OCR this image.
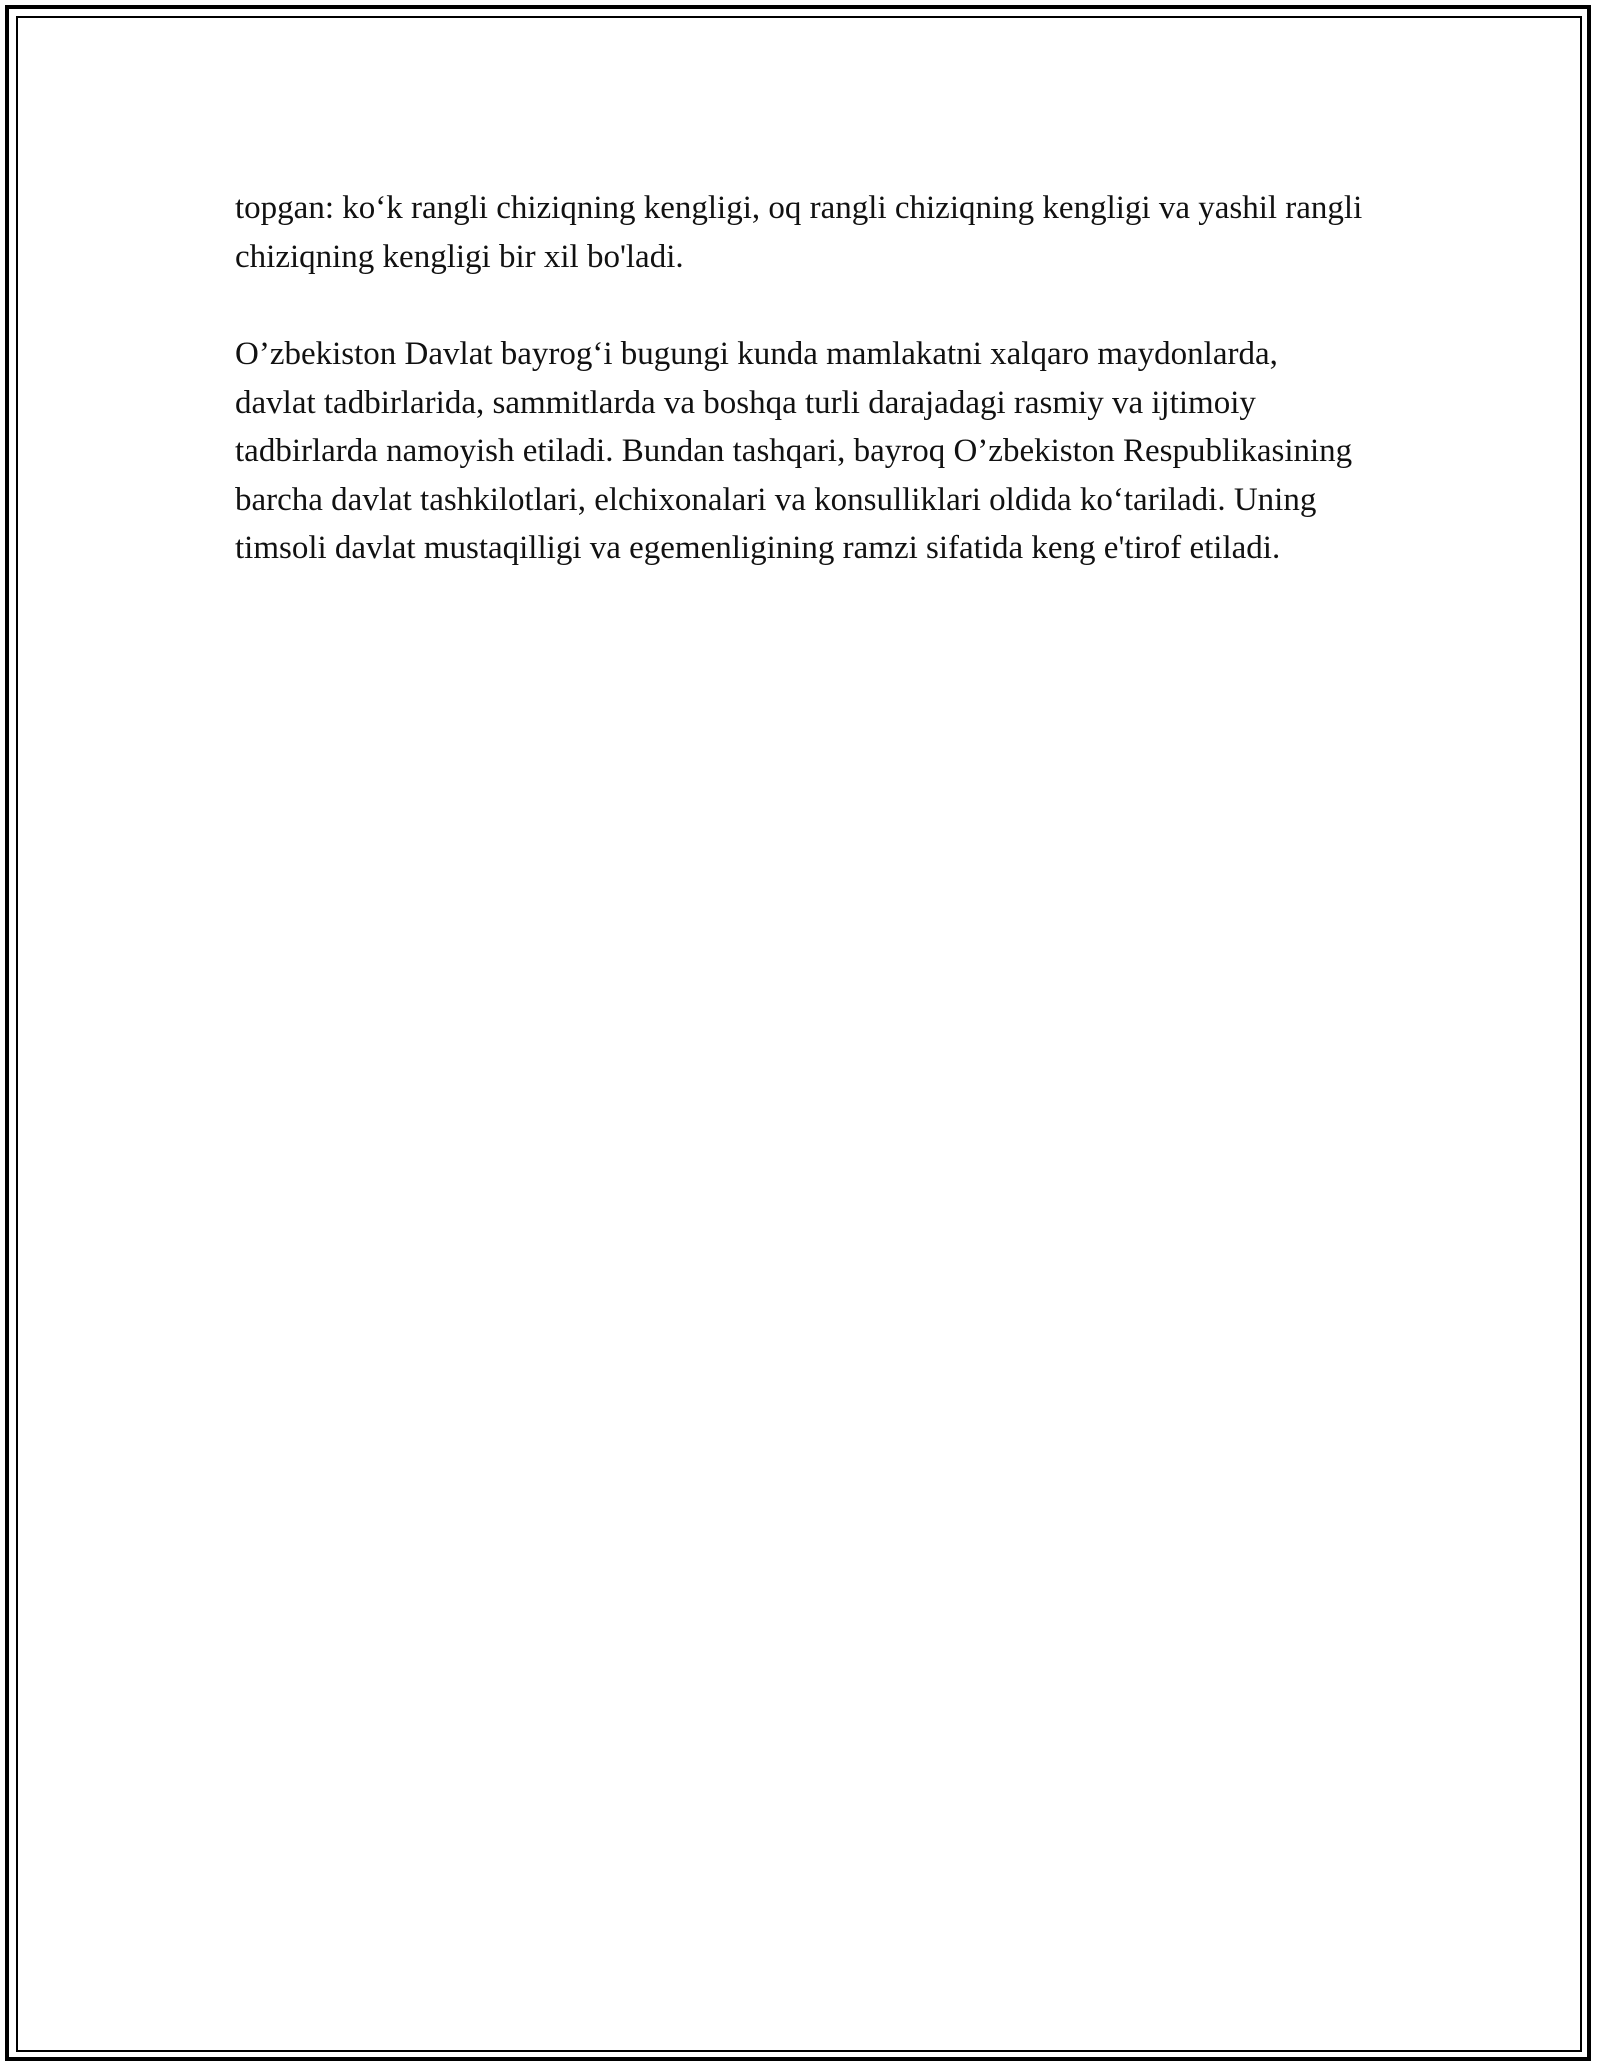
topgan: ko‘k rangli chiziqning kengligi, oq rangli chiziqning kengligi va yashil rangli chiziqning kengligi bir xil bo'ladi.

O’zbekiston Davlat bayrog‘i bugungi kunda mamlakatni xalqaro maydonlarda, davlat tadbirlarida, sammitlarda va boshqa turli darajadagi rasmiy va ijtimoiy tadbirlarda namoyish etiladi. Bundan tashqari, bayroq O’zbekiston Respublikasining barcha davlat tashkilotlari, elchixonalari va konsulliklari oldida ko‘tariladi. Uning timsoli davlat mustaqilligi va egemenligining ramzi sifatida keng e'tirof etiladi.
